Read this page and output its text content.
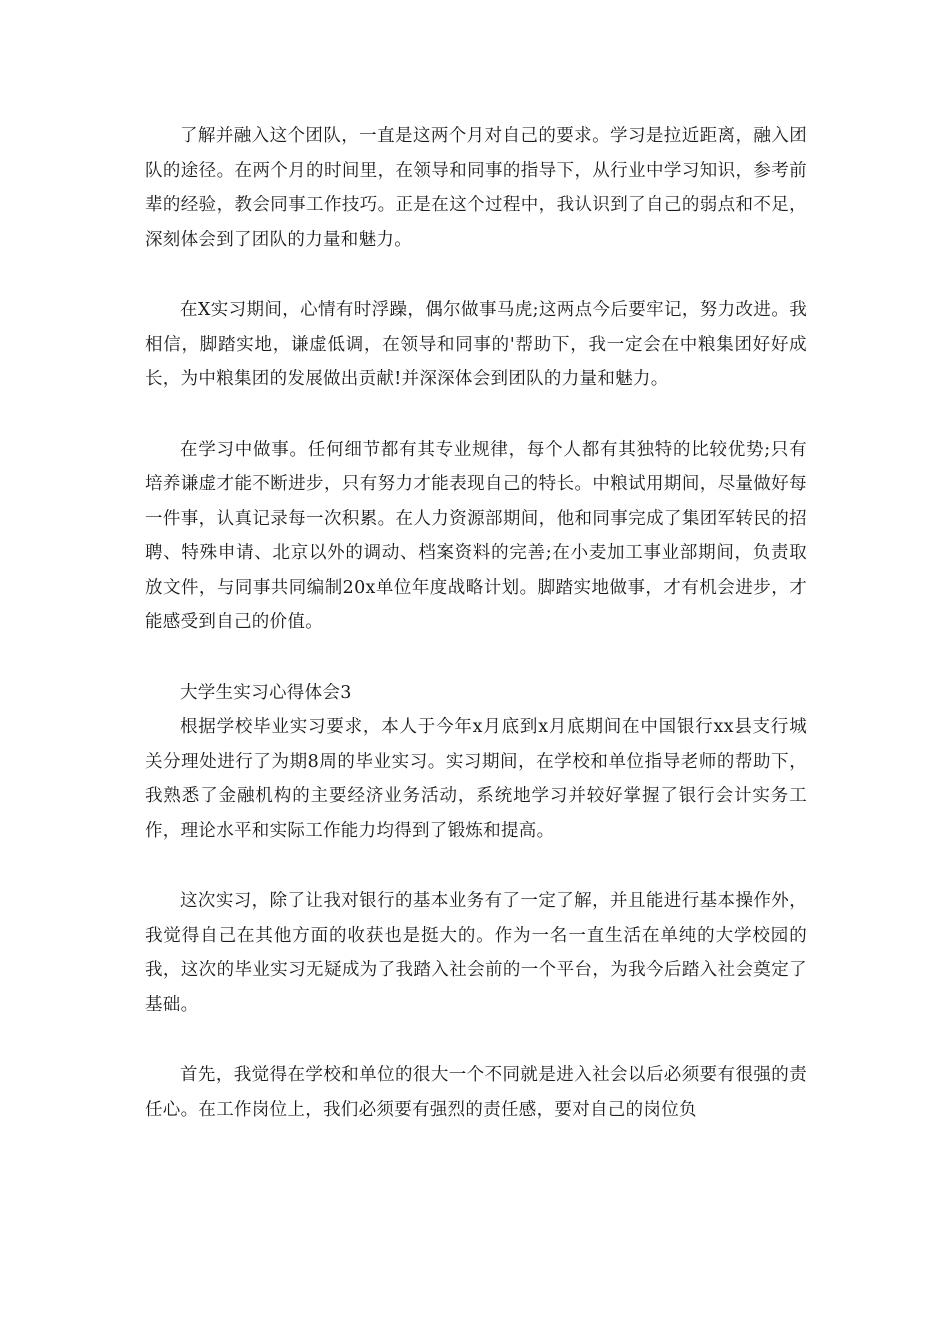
了解并融入这个团队，一直是这两个月对自己的要求。学习是拉近距离，融入团队的途径。在两个月的时间里，在领导和同事的指导下，从行业中学习知识，参考前辈的经验，教会同事工作技巧。正是在这个过程中，我认识到了自己的弱点和不足，深刻体会到了团队的力量和魅力。

在X实习期间，心情有时浮躁，偶尔做事马虎;这两点今后要牢记，努力改进。我相信，脚踏实地，谦虚低调，在领导和同事的'帮助下，我一定会在中粮集团好好成长，为中粮集团的发展做出贡献!并深深体会到团队的力量和魅力。

在学习中做事。任何细节都有其专业规律，每个人都有其独特的比较优势;只有培养谦虚才能不断进步，只有努力才能表现自己的特长。中粮试用期间，尽量做好每一件事，认真记录每一次积累。在人力资源部期间，他和同事完成了集团军转民的招聘、特殊申请、北京以外的调动、档案资料的完善;在小麦加工事业部期间，负责取放文件，与同事共同编制20x单位年度战略计划。脚踏实地做事，才有机会进步，才能感受到自己的价值。

大学生实习心得体会3

根据学校毕业实习要求，本人于今年x月底到x月底期间在中国银行xx县支行城关分理处进行了为期8周的毕业实习。实习期间，在学校和单位指导老师的帮助下，我熟悉了金融机构的主要经济业务活动，系统地学习并较好掌握了银行会计实务工作，理论水平和实际工作能力均得到了锻炼和提高。

这次实习，除了让我对银行的基本业务有了一定了解，并且能进行基本操作外，我觉得自己在其他方面的收获也是挺大的。作为一名一直生活在单纯的大学校园的我，这次的毕业实习无疑成为了我踏入社会前的一个平台，为我今后踏入社会奠定了基础。

首先，我觉得在学校和单位的很大一个不同就是进入社会以后必须要有很强的责任心。在工作岗位上，我们必须要有强烈的责任感，要对自己的岗位负
